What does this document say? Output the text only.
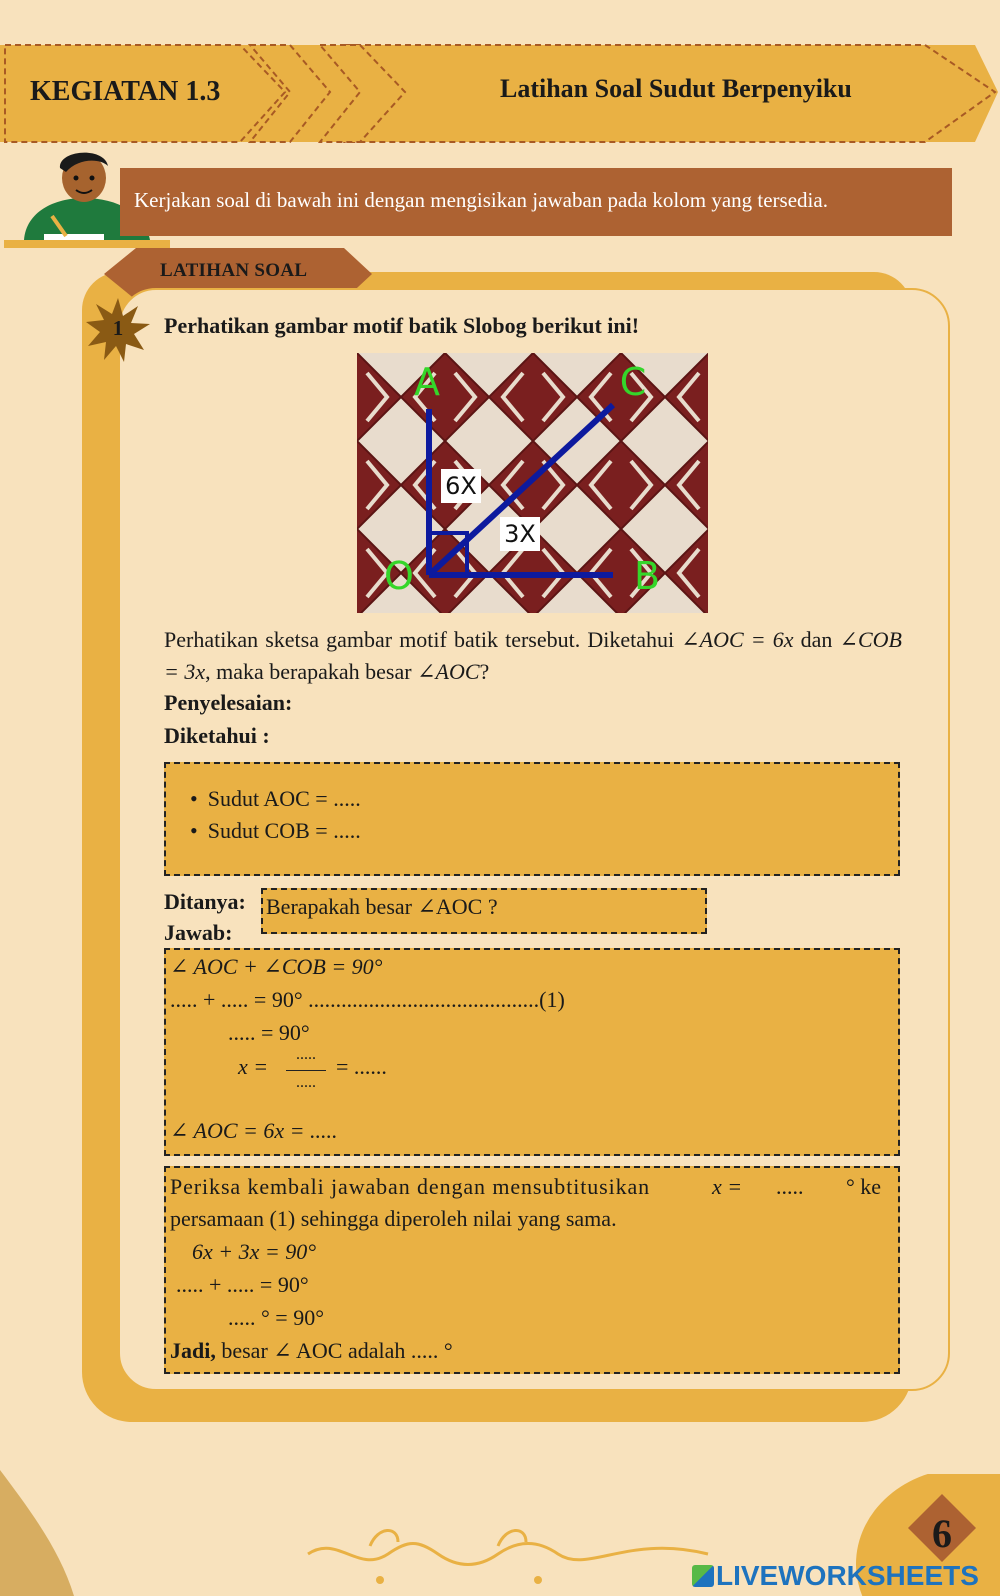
KEGIATAN 1.3	Latihan Soal Sudut Berpenyiku
Kerjakan soal di bawah ini dengan mengisikan jawaban pada kolom yang tersedia.
LATIHAN SOAL
1	Perhatikan gambar motif batik Slobog berikut ini!
6X
3X
A	C
O	B
Perhatikan sketsa gambar motif batik tersebut. Diketahui ∠AOC = 6x dan ∠COB = 3x, maka berapakah besar ∠AOC?
Penyelesaian:
Diketahui :
• Sudut AOC = .....
• Sudut COB = .....
Ditanya: Berapakah besar ∠AOC ?
Jawab:
∠ AOC + ∠COB = 90°
..... + ..... = 90° ..........................................(1)
..... = 90°
x =	.....
.....
= ......
∠ AOC = 6x = .....
Periksa kembali jawaban dengan mensubtitusikan	x = ..... ° ke
persamaan (1) sehingga diperoleh nilai yang sama.
6x + 3x = 90°
..... + ..... = 90°
..... ° = 90°
Jadi, besar ∠ AOC adalah ..... °
6
LIVEWORKSHEETS
